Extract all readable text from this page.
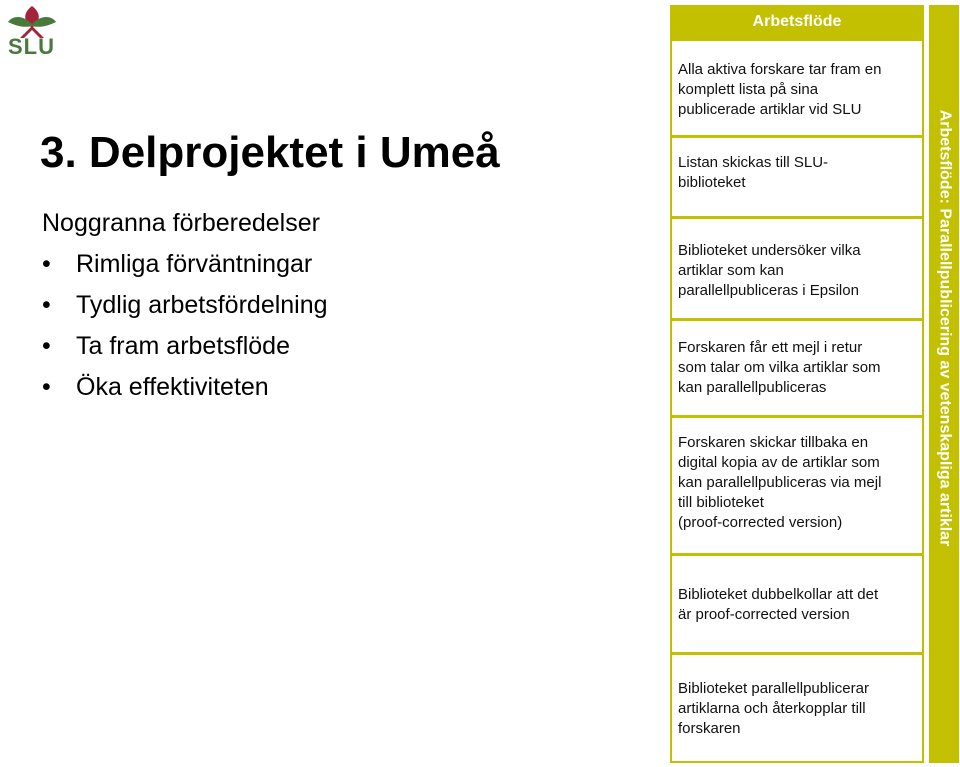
SLU
3. Delprojektet i Umeå
Noggranna förberedelser
• Rimliga förväntningar
• Tydlig arbetsfördelning
• Ta fram arbetsflöde
• Öka effektiviteten
Arbetsflöde
Alla aktiva forskare tar fram en
komplett lista på sina
publicerade artiklar vid SLU
Listan skickas till SLU-
biblioteket
Biblioteket undersöker vilka
artiklar som kan
parallellpubliceras i Epsilon
Forskaren får ett mejl i retur
som talar om vilka artiklar som
kan parallellpubliceras
Forskaren skickar tillbaka en
digital kopia av de artiklar som
kan parallellpubliceras via mejl
till biblioteket
(proof-corrected version)
Biblioteket dubbelkollar att det
är proof-corrected version
Biblioteket parallellpublicerar
artiklarna och återkopplar till
forskaren
Arbetsflöde: Parallellpublicering av vetenskapliga artiklar
